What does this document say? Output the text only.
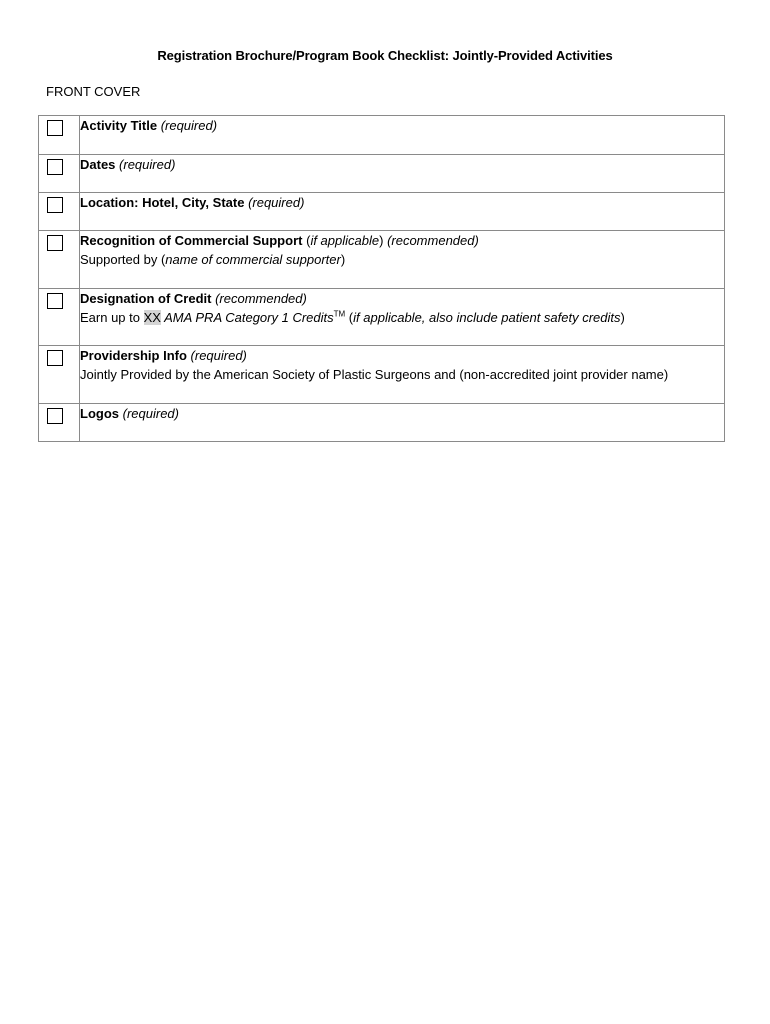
Registration Brochure/Program Book Checklist: Jointly-Provided Activities
FRONT COVER
	Activity Title (required)

	Dates (required)

	Location: Hotel, City, State (required)

	Recognition of Commercial Support (if applicable) (recommended)
Supported by (name of commercial supporter)

	Designation of Credit (recommended)
Earn up to XX AMA PRA Category 1 Credits™ (if applicable, also include patient safety credits)

	Providership Info (required)
Jointly Provided by the American Society of Plastic Surgeons and (non-accredited joint provider name)

	Logos (required)
